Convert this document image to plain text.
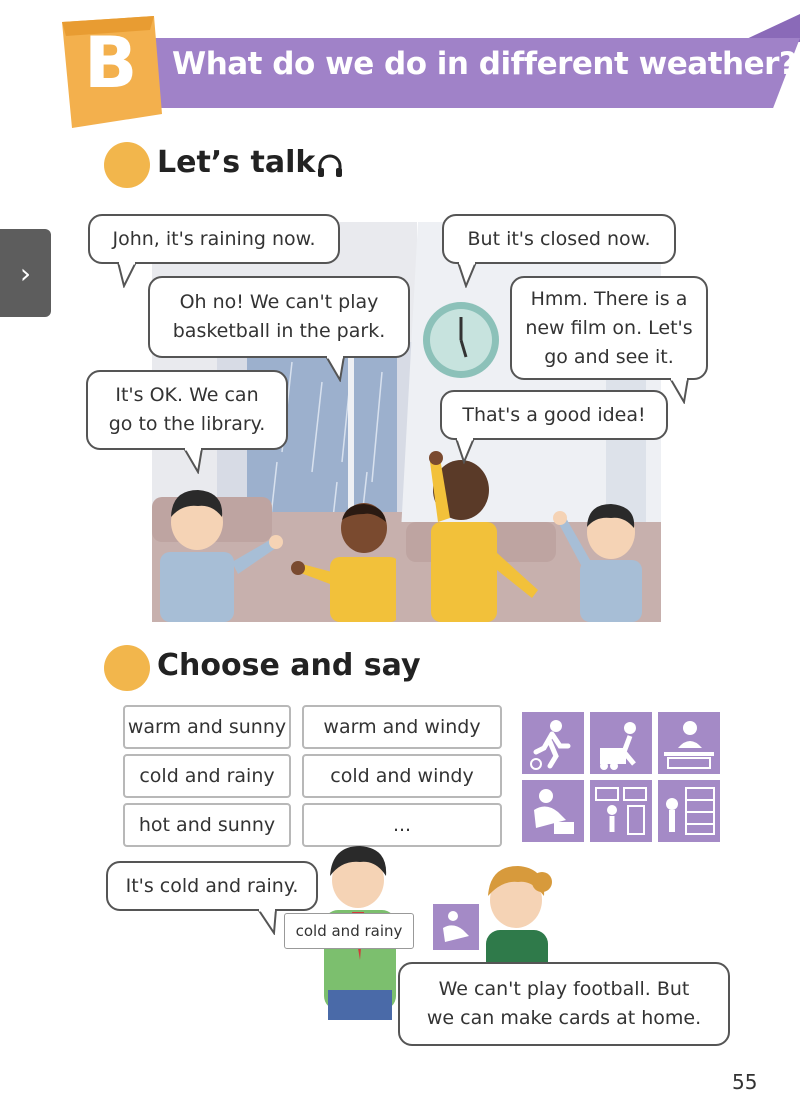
›
B What do we do in different weather?
Let’s talk
John, it's raining now.
Oh no! We can't play
basketball in the park.
It's OK. We can
go to the library.
But it's closed now.
Hmm. There is a
new film on. Let's
go and see it.
That's a good idea!
Choose and say
warm and sunny	warm and windy
cold and rainy	cold and windy
hot and sunny	...
cold and rainy
It's cold and rainy.
We can't play football. But
we can make cards at home.
55
